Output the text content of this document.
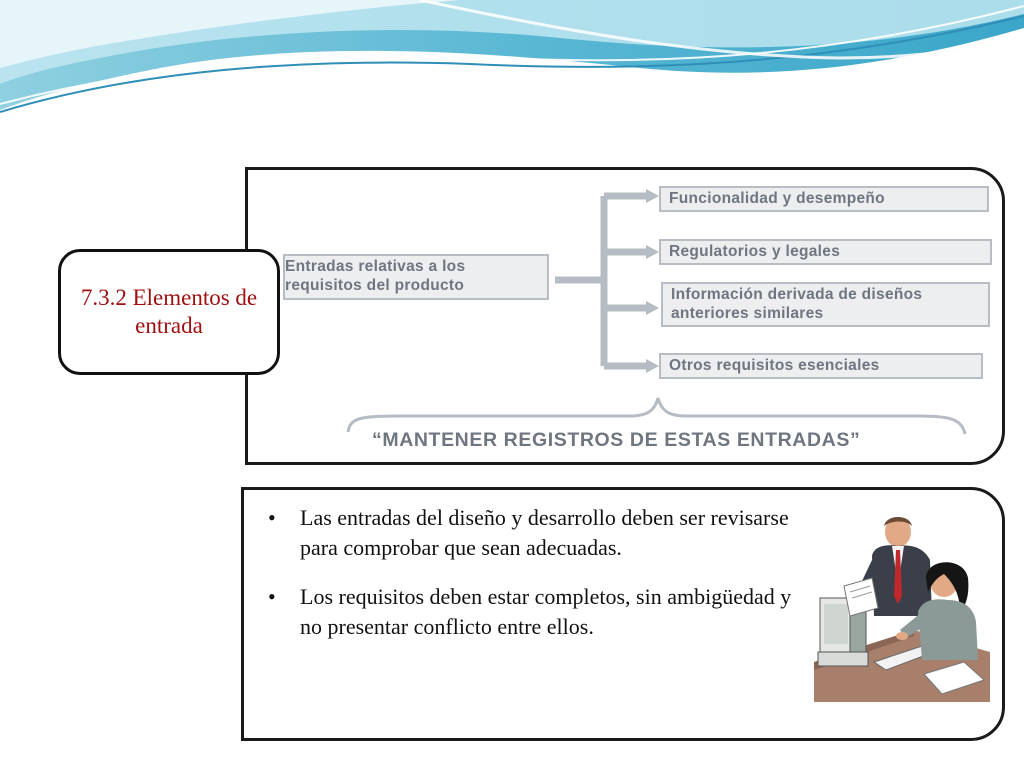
Entradas relativas a los requisitos del producto
Funcionalidad y desempeño
Regulatorios y legales
Información derivada de diseños anteriores similares
Otros requisitos esenciales
“MANTENER REGISTROS DE ESTAS ENTRADAS”
7.3.2 Elementos de entrada
• Las entradas del diseño y desarrollo deben ser revisarse para comprobar que sean adecuadas.
• Los requisitos deben estar completos, sin ambigüedad y no presentar conflicto entre ellos.
